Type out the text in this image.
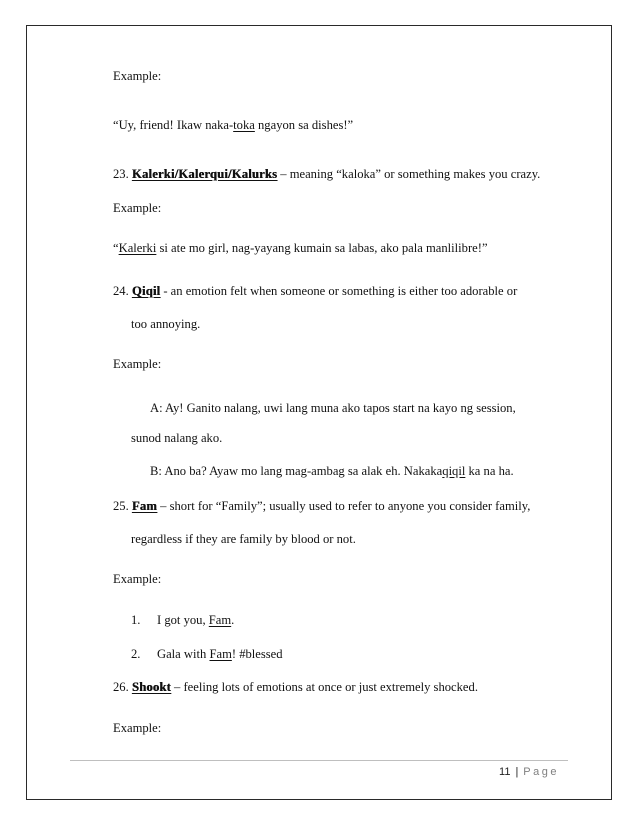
Example:
“Uy, friend! Ikaw naka-toka ngayon sa dishes!”
23. Kalerki/Kalerqui/Kalurks – meaning “kaloka” or something makes you crazy.
Example:
“Kalerki si ate mo girl, nag-yayang kumain sa labas, ako pala manlilibre!”
24. Qiqil - an emotion felt when someone or something is either too adorable or
too annoying.
Example:
A: Ay! Ganito nalang, uwi lang muna ako tapos start na kayo ng session,
sunod nalang ako.
B: Ano ba? Ayaw mo lang mag-ambag sa alak eh. Nakakaqiqil ka na ha.
25. Fam – short for “Family”; usually used to refer to anyone you consider family,
regardless if they are family by blood or not.
Example:
1. I got you, Fam.
2. Gala with Fam! #blessed
26. Shookt – feeling lots of emotions at once or just extremely shocked.
Example:
11 | Page
